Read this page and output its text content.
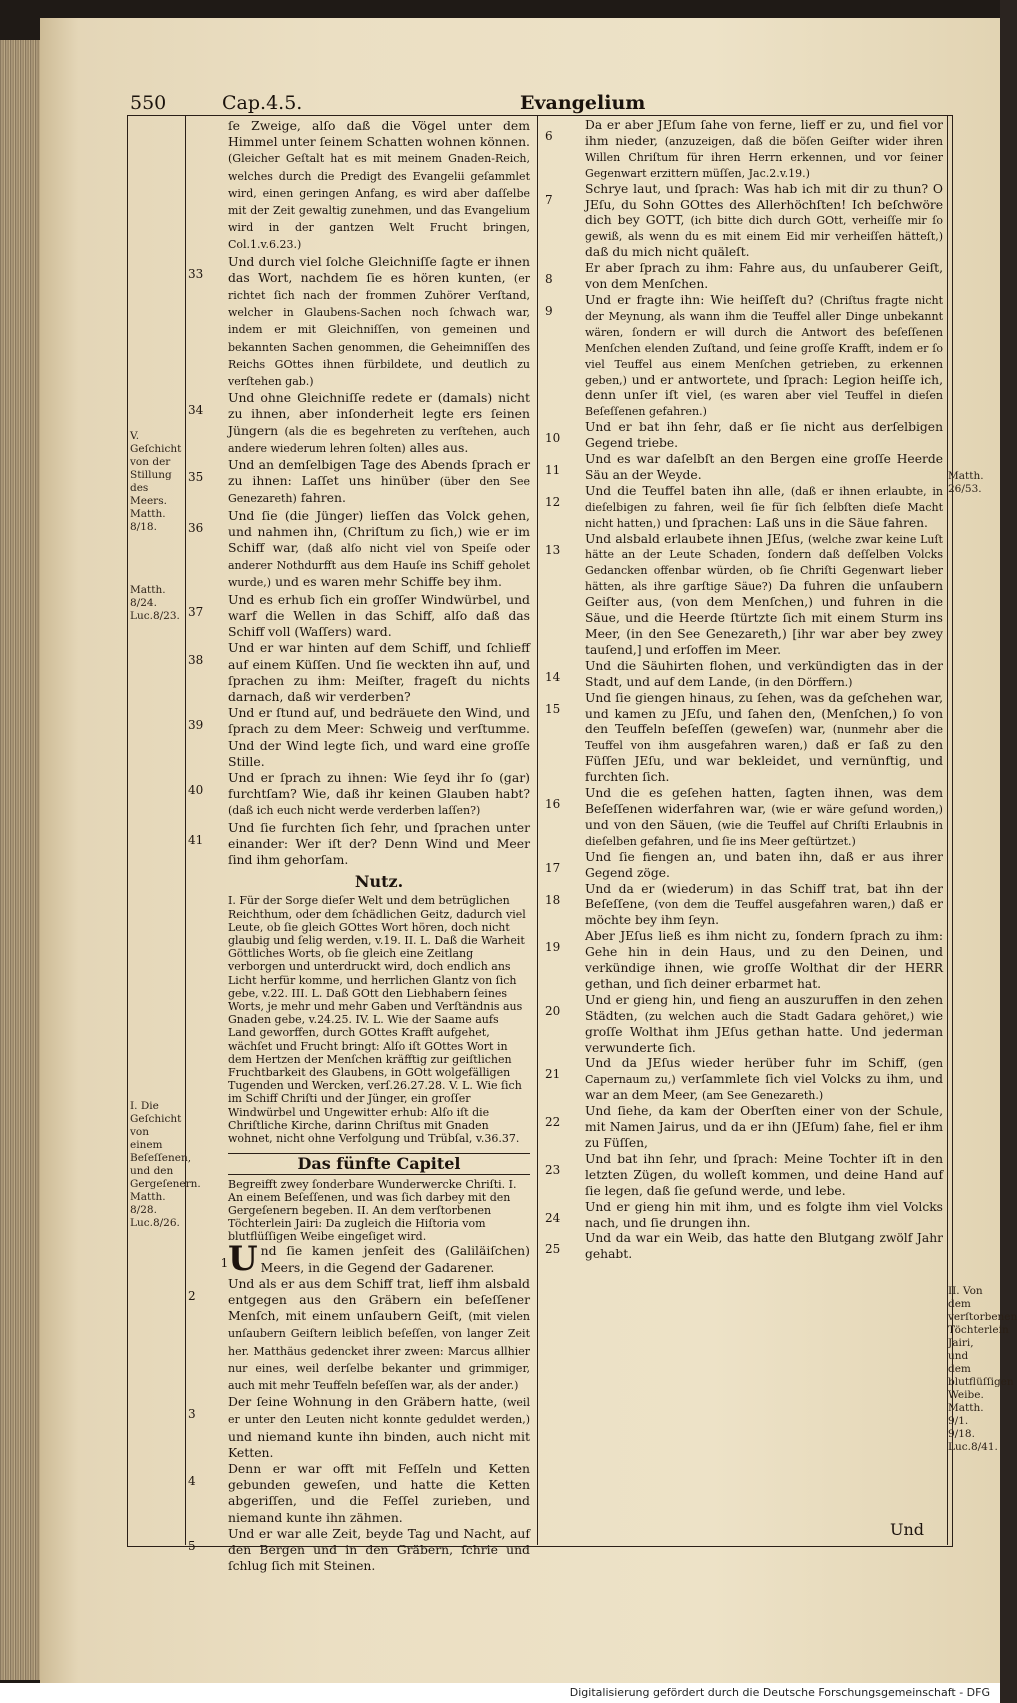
550	Cap.4.5.	Evangelium
V. Geſchicht von der Stillung des Meers. Matth. 8/18.
Matth. 8/24. Luc.8/23.
I. Die Geſchicht von einem Beſeſſenen, und den Gergeſenern. Matth. 8/28. Luc.8/26.
Matth. 26/53.
II. Von dem verſtorbenen Töchterlein Jairi, und dem blutflüſſigen Weibe. Matth. 9/1. 9/18. Luc.8/41.

ſe Zweige, alſo daß die Vögel unter dem Himmel unter ſeinem Schatten wohnen können. (Gleicher Geſtalt hat es mit meinem Gnaden-Reich, welches durch die Predigt des Evangelii geſammlet wird, einen geringen Anfang, es wird aber daſſelbe mit der Zeit gewaltig zunehmen, und das Evangelium wird in der gantzen Welt Frucht bringen, Col.1.v.6.23.)

33
Und durch viel ſolche Gleichniſſe ſagte er ihnen das Wort, nachdem ſie es hören kunten, (er richtet ſich nach der frommen Zuhörer Verſtand, welcher in Glaubens-Sachen noch ſchwach war, indem er mit Gleichniſſen, von gemeinen und bekannten Sachen genommen, die Geheimniſſen des Reichs GOttes ihnen fürbildete, und deutlich zu verſtehen gab.)

34
Und ohne Gleichniſſe redete er (damals) nicht zu ihnen, aber inſonderheit legte ers ſeinen Jüngern (als die es begehreten zu verſtehen, auch andere wiederum lehren ſolten) alles aus.

35
Und an demſelbigen Tage des Abends ſprach er zu ihnen: Laſſet uns hinüber (über den See Genezareth) fahren.

36
Und ſie (die Jünger) lieſſen das Volck gehen, und nahmen ihn, (Chriſtum zu ſich,) wie er im Schiff war, (daß alſo nicht viel von Speiſe oder anderer Nothdurfft aus dem Hauſe ins Schiff geholet wurde,) und es waren mehr Schiffe bey ihm.

37
Und es erhub ſich ein groſſer Windwürbel, und warf die Wellen in das Schiff, alſo daß das Schiff voll (Waſſers) ward.

38
Und er war hinten auf dem Schiff, und ſchlieff auf einem Küſſen. Und ſie weckten ihn auf, und ſprachen zu ihm: Meiſter, frageſt du nichts darnach, daß wir verderben?

39
Und er ſtund auf, und bedräuete den Wind, und ſprach zu dem Meer: Schweig und verſtumme. Und der Wind legte ſich, und ward eine groſſe Stille.

40
Und er ſprach zu ihnen: Wie ſeyd ihr ſo (gar) furchtſam? Wie, daß ihr keinen Glauben habt? (daß ich euch nicht werde verderben laſſen?)

41
Und ſie furchten ſich ſehr, und ſprachen unter einander: Wer iſt der? Denn Wind und Meer ſind ihm gehorſam.

Nutz.
I. Für der Sorge dieſer Welt und dem betrüglichen Reichthum, oder dem ſchädlichen Geitz, dadurch viel Leute, ob ſie gleich GOttes Wort hören, doch nicht glaubig und ſelig werden, v.19. II. L. Daß die Warheit Göttliches Worts, ob ſie gleich eine Zeitlang verborgen und unterdruckt wird, doch endlich ans Licht herfür komme, und herrlichen Glantz von ſich gebe, v.22. III. L. Daß GOtt den Liebhabern ſeines Worts, je mehr und mehr Gaben und Verſtändnis aus Gnaden gebe, v.24.25. IV. L. Wie der Saame aufs Land geworffen, durch GOttes Krafft aufgehet, wächſet und Frucht bringt: Alſo iſt GOttes Wort in dem Hertzen der Menſchen kräfftig zur geiſtlichen Fruchtbarkeit des Glaubens, in GOtt wolgefälligen Tugenden und Wercken, verſ.26.27.28. V. L. Wie ſich im Schiff Chriſti und der Jünger, ein groſſer Windwürbel und Ungewitter erhub: Alſo iſt die Chriſtliche Kirche, darinn Chriſtus mit Gnaden wohnet, nicht ohne Verfolgung und Trübſal, v.36.37.
Das fünfte Capitel
Begreifft zwey ſonderbare Wunderwercke Chriſti. I. An einem Beſeſſenen, und was ſich darbey mit den Gergeſenern begeben. II. An dem verſtorbenen Töchterlein Jairi: Da zugleich die Hiſtoria vom blutflüſſigen Weibe eingeſiget wird.

1 U nd ſie kamen jenſeit des (Galiläiſchen) Meers, in die Gegend der Gadarener.

2
Und als er aus dem Schiff trat, lieff ihm alsbald entgegen aus den Gräbern ein beſeſſener Menſch, mit einem unſaubern Geiſt, (mit vielen unſaubern Geiſtern leiblich beſeſſen, von langer Zeit her. Matthäus gedencket ihrer zween: Marcus allhier nur eines, weil derſelbe bekanter und grimmiger, auch mit mehr Teuffeln beſeſſen war, als der ander.)

3
Der ſeine Wohnung in den Gräbern hatte, (weil er unter den Leuten nicht konnte geduldet werden,) und niemand kunte ihn binden, auch nicht mit Ketten.

4
Denn er war offt mit Feſſeln und Ketten gebunden geweſen, und hatte die Ketten abgeriſſen, und die Feſſel zurieben, und niemand kunte ihn zähmen.

5
Und er war alle Zeit, beyde Tag und Nacht, auf den Bergen und in den Gräbern, ſchrie und ſchlug ſich mit Steinen.

6
Da er aber JEſum ſahe von ferne, lieff er zu, und fiel vor ihm nieder, (anzuzeigen, daß die böſen Geiſter wider ihren Willen Chriſtum für ihren Herrn erkennen, und vor ſeiner Gegenwart erzittern müſſen, Jac.2.v.19.)

7
Schrye laut, und ſprach: Was hab ich mit dir zu thun? O JEſu, du Sohn GOttes des Allerhöchſten! Ich beſchwöre dich bey GOTT, (ich bitte dich durch GOtt, verheiſſe mir ſo gewiß, als wenn du es mit einem Eid mir verheiſſen hätteſt,) daß du mich nicht quäleſt.

8
Er aber ſprach zu ihm: Fahre aus, du unſauberer Geiſt, von dem Menſchen.

9
Und er fragte ihn: Wie heiſſeſt du? (Chriſtus fragte nicht der Meynung, als wann ihm die Teuffel aller Dinge unbekannt wären, ſondern er will durch die Antwort des beſeſſenen Menſchen elenden Zuſtand, und ſeine groſſe Krafft, indem er ſo viel Teuffel aus einem Menſchen getrieben, zu erkennen geben,) und er antwortete, und ſprach: Legion heiſſe ich, denn unſer iſt viel, (es waren aber viel Teuffel in dieſen Beſeſſenen gefahren.)

10
Und er bat ihn ſehr, daß er ſie nicht aus derſelbigen Gegend triebe.

11
Und es war daſelbſt an den Bergen eine groſſe Heerde Säu an der Weyde.

12
Und die Teuffel baten ihn alle, (daß er ihnen erlaubte, in dieſelbigen zu fahren, weil ſie für ſich ſelbſten dieſe Macht nicht hatten,) und ſprachen: Laß uns in die Säue fahren.

13
Und alsbald erlaubete ihnen JEſus, (welche zwar keine Luſt hätte an der Leute Schaden, ſondern daß deſſelben Volcks Gedancken offenbar würden, ob ſie Chriſti Gegenwart lieber hätten, als ihre garſtige Säue?) Da fuhren die unſaubern Geiſter aus, (von dem Menſchen,) und fuhren in die Säue, und die Heerde ſtürtzte ſich mit einem Sturm ins Meer, (in den See Genezareth,) [ihr war aber bey zwey tauſend,] und erſoffen im Meer.

14
Und die Säuhirten flohen, und verkündigten das in der Stadt, und auf dem Lande, (in den Dörffern.)

15
Und ſie giengen hinaus, zu ſehen, was da geſchehen war, und kamen zu JEſu, und ſahen den, (Menſchen,) ſo von den Teuffeln beſeſſen (geweſen) war, (nunmehr aber die Teuffel von ihm ausgefahren waren,) daß er ſaß zu den Füſſen JEſu, und war bekleidet, und vernünftig, und furchten ſich.

16
Und die es geſehen hatten, ſagten ihnen, was dem Beſeſſenen widerfahren war, (wie er wäre geſund worden,) und von den Säuen, (wie die Teuffel auf Chriſti Erlaubnis in dieſelben gefahren, und ſie ins Meer geſtürtzet.)

17
Und ſie fiengen an, und baten ihn, daß er aus ihrer Gegend zöge.

18
Und da er (wiederum) in das Schiff trat, bat ihn der Beſeſſene, (von dem die Teuffel ausgefahren waren,) daß er möchte bey ihm ſeyn.

19
Aber JEſus ließ es ihm nicht zu, ſondern ſprach zu ihm: Gehe hin in dein Haus, und zu den Deinen, und verkündige ihnen, wie groſſe Wolthat dir der HERR gethan, und ſich deiner erbarmet hat.

20
Und er gieng hin, und fieng an auszuruffen in den zehen Städten, (zu welchen auch die Stadt Gadara gehöret,) wie groſſe Wolthat ihm JEſus gethan hatte. Und jederman verwunderte ſich.

21
Und da JEſus wieder herüber fuhr im Schiff, (gen Capernaum zu,) verſammlete ſich viel Volcks zu ihm, und war an dem Meer, (am See Genezareth.)

22
Und ſiehe, da kam der Oberſten einer von der Schule, mit Namen Jairus, und da er ihn (JEſum) ſahe, fiel er ihm zu Füſſen,

23
Und bat ihn ſehr, und ſprach: Meine Tochter iſt in den letzten Zügen, du wolleſt kommen, und deine Hand auf ſie legen, daß ſie geſund werde, und lebe.

24
Und er gieng hin mit ihm, und es folgte ihm viel Volcks nach, und ſie drungen ihn.

25
Und da war ein Weib, das hatte den Blutgang zwölf Jahr gehabt.

Und
Digitalisierung gefördert durch die Deutsche Forschungsgemeinschaft - DFG
